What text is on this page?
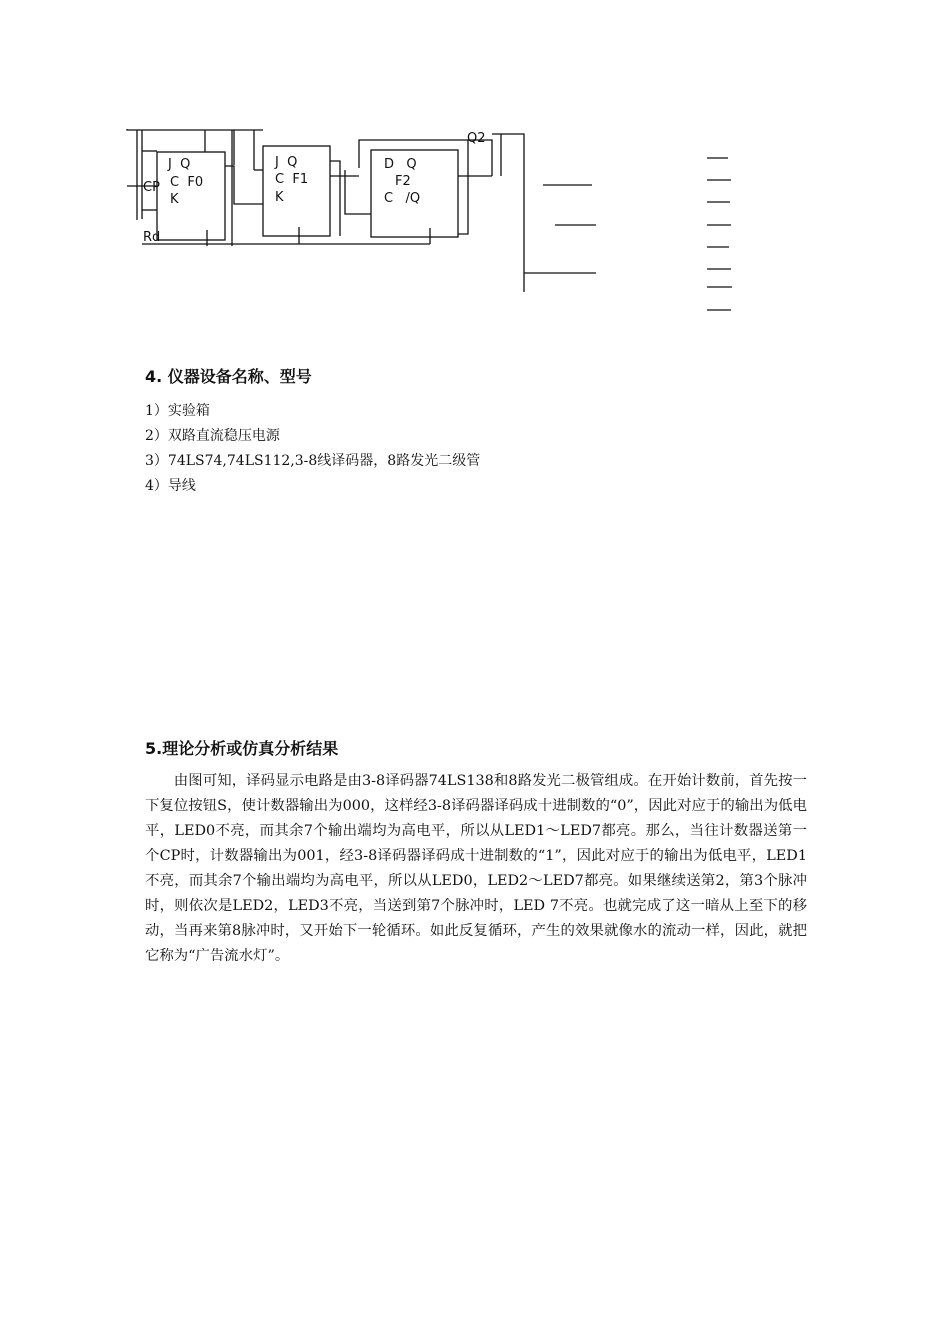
J  Q
C  F0
K
J  Q
C  F1
K
D   Q
F2
C   /Q
Q2
CP
Rd
4. 仪器设备名称、型号
1）实验箱
2）双路直流稳压电源
3）74LS74,74LS112,3-8线译码器，8路发光二级管
4）导线
5.理论分析或仿真分析结果

由图可知，译码显示电路是由3-8译码器74LS138和8路发光二极管组成。在开始计数前，首先按一下复位按钮S，使计数器输出为000，这样经3-8译码器译码成十进制数的“0”，因此对应于的输出为低电平，LED0不亮，而其余7个输出端均为高电平，所以从LED1～LED7都亮。那么，当往计数器送第一个CP时，计数器输出为001，经3-8译码器译码成十进制数的“1”，因此对应于的输出为低电平，LED1不亮，而其余7个输出端均为高电平，所以从LED0，LED2～LED7都亮。如果继续送第2，第3个脉冲时，则依次是LED2，LED3不亮，当送到第7个脉冲时，LED 7不亮。也就完成了这一暗从上至下的移动，当再来第8脉冲时，又开始下一轮循环。如此反复循环，产生的效果就像水的流动一样，因此，就把它称为“广告流水灯”。
